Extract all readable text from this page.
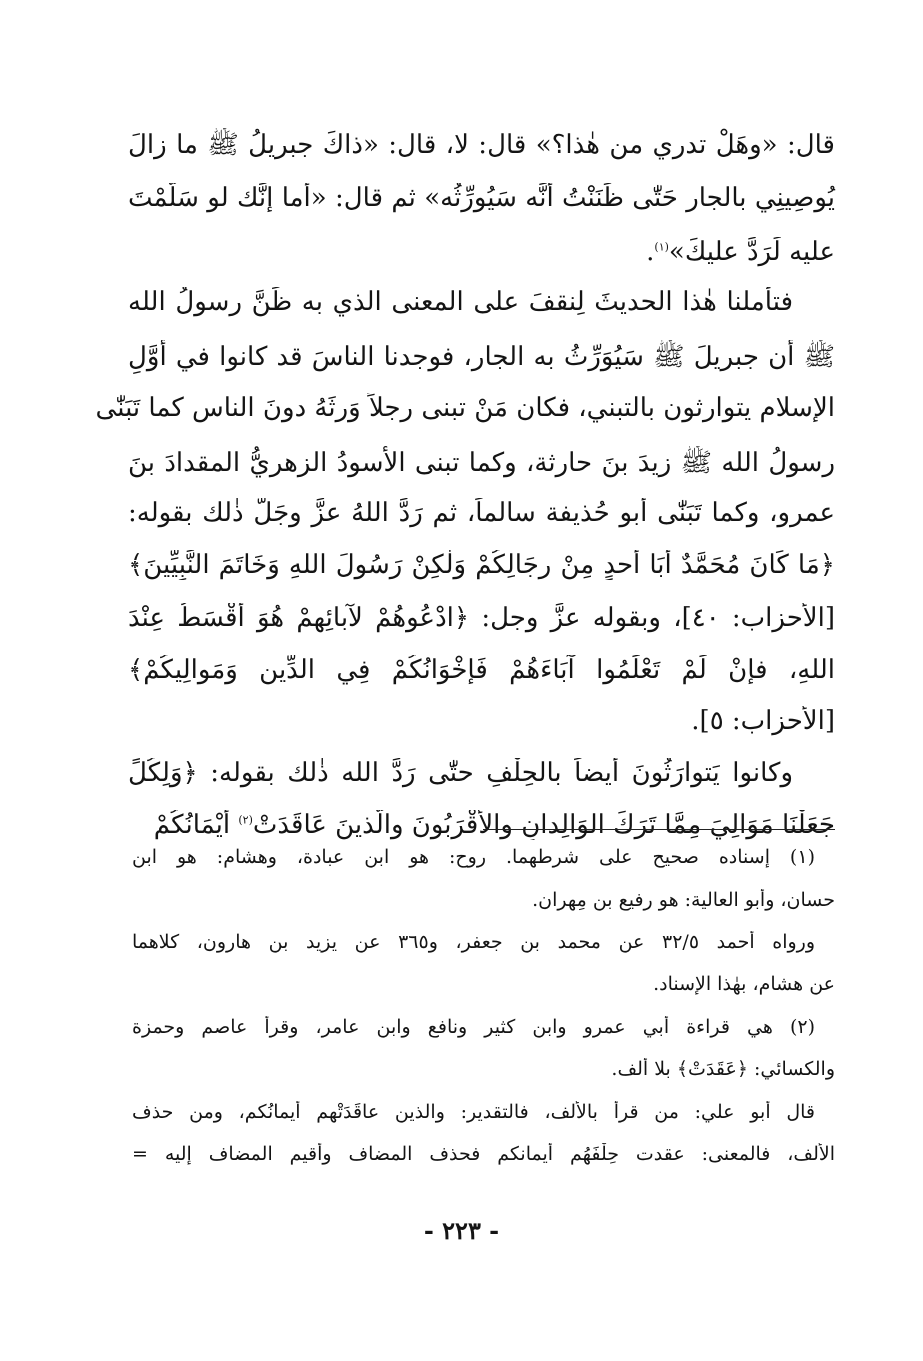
قال: «وهَلْ تدري من هٰذا؟» قال: لا، قال: «ذاكَ جبريلُ ﷺ ما زالَ
يُوصِينِي بالجارِ حَتّٰى ظَنَنْتُ أنَّه سَيُورِّثُه» ثم قال: «أما إنَّك لو سَلَّمْتَ
عليه لَرَدَّ عليكَ»$^{(١)}$.
فتأملنا هٰذا الحديثَ لِنقفَ على المعنى الذي به ظَنَّ رسولُ الله
ﷺ أن جبريلَ ﷺ سَيُوَرِّثُ به الجار، فوجدنا الناسَ قد كانوا في أوَّلِ
الإسلامِ يتوارثون بالتبني، فكان مَنْ تبنى رجلاً وَرِثَهُ دونَ الناس كما تَبَنّٰى
رسولُ الله ﷺ زيدَ بنَ حارثة، وكما تبنى الأسودُ الزهريُّ المقدادَ بنَ
عمرو، وكما تَبَنّٰى أبو حُذيفة سالماً، ثم رَدَّ اللهُ عزَّ وجَلَّ ذٰلك بقوله:
﴿مَا كَانَ مُحَمَّدٌ أَبَا أَحدٍ مِنْ رِجَالِكُمْ وَلٰكِنْ رَسُولَ اللهِ وَخَاتَمَ النَّبِيِّينَ﴾
[الأحزاب: ٤٠]، وبقوله عزَّ وجل: ﴿ادْعُوهُمْ لآبائِهِمْ هُوَ أَقْسَطُ عِنْدَ
اللهِ، فإِنْ لَمْ تَعْلَمُوا آبَاءَهُمْ فَإِخْوَانُكُمْ فِي الدِّينِ وَمَوالِيكُمْ﴾
[الأحزاب: ٥].
وكانوا يَتوارَثُونَ أيضاً بالحِلْفِ حتّٰى رَدَّ الله ذٰلك بقوله: ﴿وَلِكُلٍّ
جَعَلْنَا مَوَالِيَ مِمَّا تَرَكَ الوَالِدانِ والأقْرَبُونَ والَّذينَ عَاقَدَتْ$^{(٢)}$ أَيْمَانُكُمْ
(١) إسناده صحيح على شرطهما. روح: هو ابن عبادة، وهشام: هو ابن
حسان، وأبو العالية: هو رفيع بن مِهران.
ورواه أحمد ٣٢/٥ عن محمد بن جعفر، و٣٦٥ عن يزيد بن هارون، كلاهما
عن هشام، بهٰذا الإسناد.
(٢) هي قراءة أبي عمرو وابن كثير ونافع وابن عامر، وقرأ عاصم وحمزة
والكسائي: ﴿عَقَدَتْ﴾ بلا ألف.
قال أبو علي: من قرأ بالألف، فالتقدير: والذين عاقَدَتْهم أيمانُكم، ومن حذف
الألف، فالمعنى: عقدت حِلْفَهُم أيمانكم فحذف المضاف وأقيم المضاف إليه =
- ٢٢٣ -
